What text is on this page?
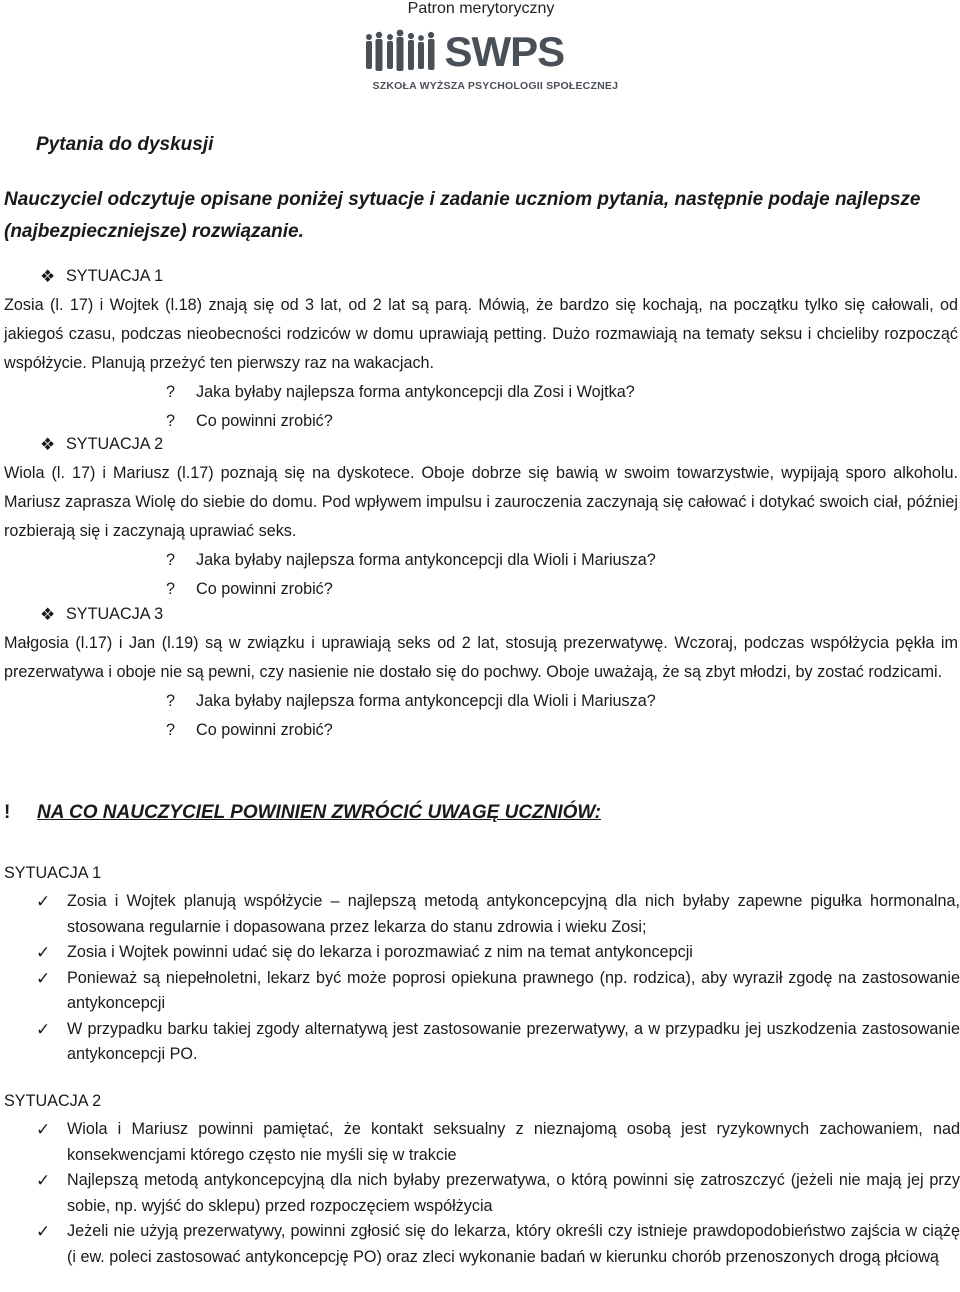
Patron merytoryczny
SWPS
SZKOŁA WYŻSZA PSYCHOLOGII SPOŁECZNEJ
Pytania do dyskusji
Nauczyciel odczytuje opisane poniżej sytuacje i zadanie uczniom pytania, następnie podaje najlepsze (najbezpieczniejsze) rozwiązanie.
❖ SYTUACJA 1
Zosia (l. 17) i Wojtek (l.18) znają się od 3 lat, od 2 lat są parą. Mówią, że bardzo się kochają, na początku tylko się całowali, od jakiegoś czasu, podczas nieobecności rodziców w domu uprawiają petting. Dużo rozmawiają na tematy seksu i chcieliby rozpocząć współżycie. Planują przeżyć ten pierwszy raz na wakacjach.
? Jaka byłaby najlepsza forma antykoncepcji dla Zosi i Wojtka?
? Co powinni zrobić?
❖ SYTUACJA 2
Wiola (l. 17) i Mariusz (l.17) poznają się na dyskotece. Oboje dobrze się bawią w swoim towarzystwie, wypijają sporo alkoholu. Mariusz zaprasza Wiolę do siebie do domu. Pod wpływem impulsu i zauroczenia zaczynają się całować i dotykać swoich ciał, później rozbierają się i zaczynają uprawiać seks.
? Jaka byłaby najlepsza forma antykoncepcji dla Wioli i Mariusza?
? Co powinni zrobić?
❖ SYTUACJA 3
Małgosia (l.17) i Jan (l.19) są w związku i uprawiają seks od 2 lat, stosują prezerwatywę. Wczoraj, podczas współżycia pękła im prezerwatywa i oboje nie są pewni, czy nasienie nie dostało się do pochwy. Oboje uważają, że są zbyt młodzi, by zostać rodzicami.
? Jaka byłaby najlepsza forma antykoncepcji dla Wioli i Mariusza?
? Co powinni zrobić?
! NA CO NAUCZYCIEL POWINIEN ZWRÓCIĆ UWAGĘ UCZNIÓW:
SYTUACJA 1
✓ Zosia i Wojtek planują współżycie – najlepszą metodą antykoncepcyjną dla nich byłaby zapewne pigułka hormonalna, stosowana regularnie i dopasowana przez lekarza do stanu zdrowia i wieku Zosi;
✓ Zosia i Wojtek powinni udać się do lekarza i porozmawiać z nim na temat antykoncepcji
✓ Ponieważ są niepełnoletni, lekarz być może poprosi opiekuna prawnego (np. rodzica), aby wyraził zgodę na zastosowanie antykoncepcji
✓ W przypadku barku takiej zgody alternatywą jest zastosowanie prezerwatywy, a w przypadku jej uszkodzenia zastosowanie antykoncepcji PO.
SYTUACJA 2
✓ Wiola i Mariusz powinni pamiętać, że kontakt seksualny z nieznajomą osobą jest ryzykownych zachowaniem, nad konsekwencjami którego często nie myśli się w trakcie
✓ Najlepszą metodą antykoncepcyjną dla nich byłaby prezerwatywa, o którą powinni się zatroszczyć (jeżeli nie mają jej przy sobie, np. wyjść do sklepu) przed rozpoczęciem współżycia
✓ Jeżeli nie użyją prezerwatywy, powinni zgłosić się do lekarza, który określi czy istnieje prawdopodobieństwo zajścia w ciążę (i ew. poleci zastosować antykoncepcję PO) oraz zleci wykonanie badań w kierunku chorób przenoszonych drogą płciową
